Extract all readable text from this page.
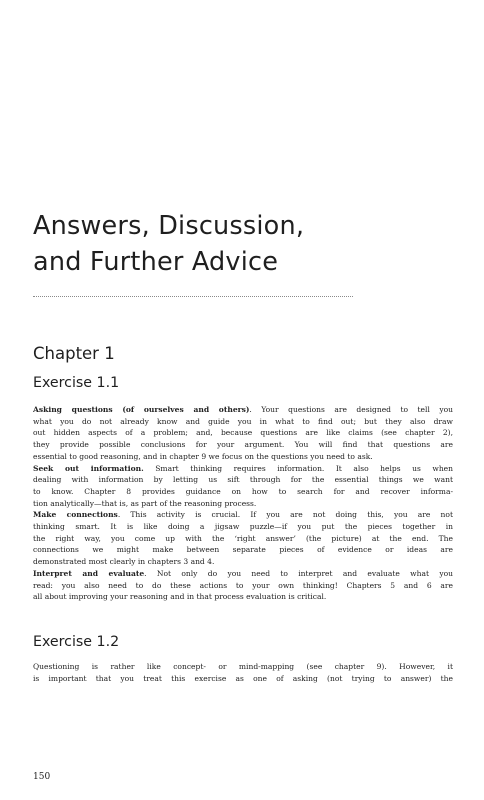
Answers, Discussion,
and Further Advice
Chapter 1
Exercise 1.1
Asking questions (of ourselves and others). Your questions are designed to tell you
what you do not already know and guide you in what to find out; but they also draw
out hidden aspects of a problem; and, because questions are like claims (see chapter 2),
they provide possible conclusions for your argument. You will find that questions are
essential to good reasoning, and in chapter 9 we focus on the questions you need to ask.
Seek out information. Smart thinking requires information. It also helps us when
dealing with information by letting us sift through for the essential things we want
to know. Chapter 8 provides guidance on how to search for and recover informa-
tion analytically—that is, as part of the reasoning process.
Make connections. This activity is crucial. If you are not doing this, you are not
thinking smart. It is like doing a jigsaw puzzle—if you put the pieces together in
the right way, you come up with the ‘right answer’ (the picture) at the end. The
connections we might make between separate pieces of evidence or ideas are
demonstrated most clearly in chapters 3 and 4.
Interpret and evaluate. Not only do you need to interpret and evaluate what you
read: you also need to do these actions to your own thinking! Chapters 5 and 6 are
all about improving your reasoning and in that process evaluation is critical.
Exercise 1.2
Questioning is rather like concept- or mind-mapping (see chapter 9). However, it
is important that you treat this exercise as one of asking (not trying to answer) the
150
